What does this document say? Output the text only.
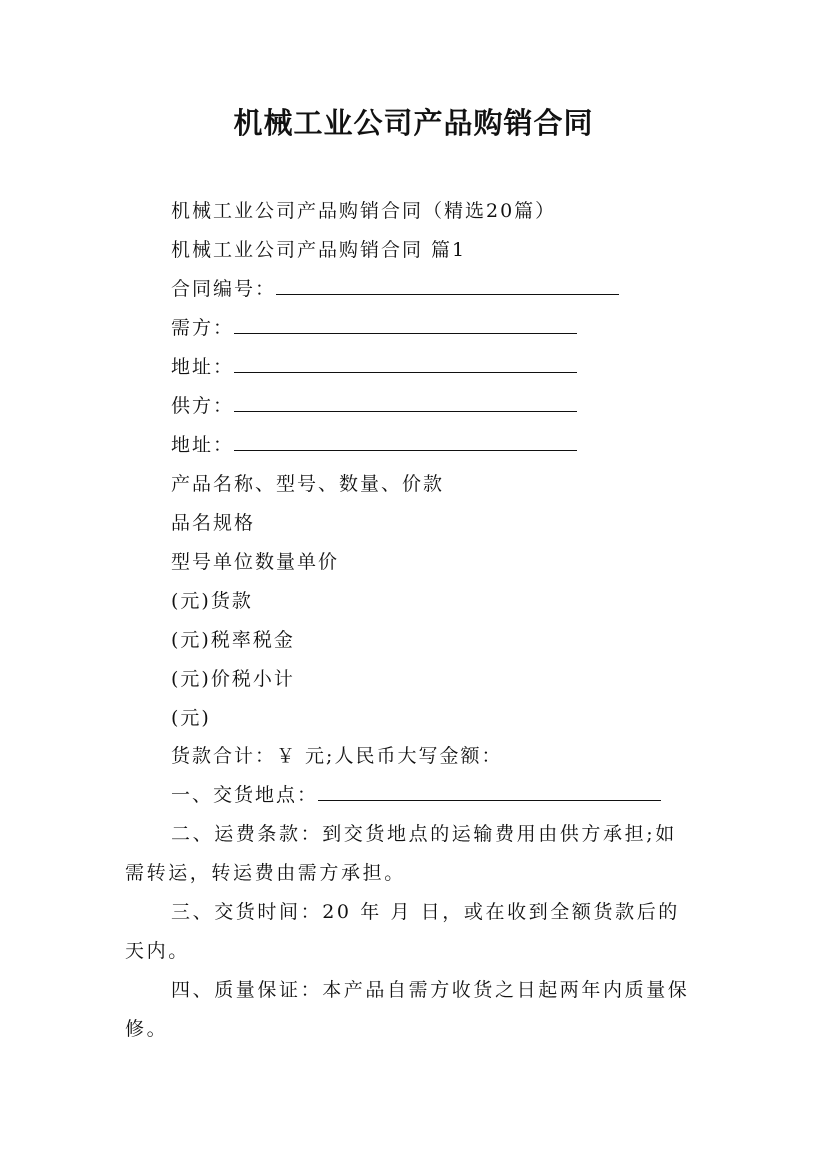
机械工业公司产品购销合同
机械工业公司产品购销合同（精选20篇）
机械工业公司产品购销合同 篇1
合同编号：
需方：
地址：
供方：
地址：
产品名称、型号、数量、价款
品名规格
型号单位数量单价
(元)货款
(元)税率税金
(元)价税小计
(元)
货款合计：￥ 元;人民币大写金额：
一、交货地点：
二、运费条款：到交货地点的运输费用由供方承担;如
需转运，转运费由需方承担。
三、交货时间：20 年 月 日，或在收到全额货款后的
天内。
四、质量保证：本产品自需方收货之日起两年内质量保
修。
